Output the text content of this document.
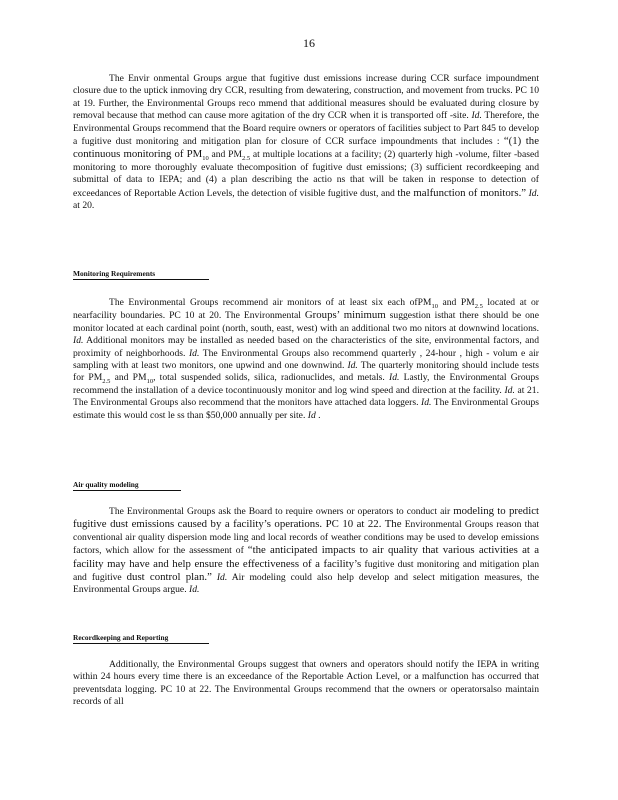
16

The Envir onmental Groups argue that fugitive dust emissions increase during CCR surface impoundment closure due to the uptick inmoving dry CCR, resulting from dewatering, construction, and movement from trucks. PC 10 at 19. Further, the Environmental Groups reco mmend that additional measures should be evaluated during closure by removal because that method can cause more agitation of the dry CCR when it is transported off -site. Id. Therefore, the Environmental Groups recommend that the Board require owners or operators of facilities subject to Part 845 to develop a fugitive dust monitoring and mitigation plan for closure of CCR surface impoundments that includes : “(1) the continuous monitoring of $PM_{10}$ and $PM_{2.5}$ at multiple locations at a facility; (2) quarterly high -volume, filter -based monitoring to more thoroughly evaluate thecomposition of fugitive dust emissions; (3) sufficient recordkeeping and submittal of data to IEPA; and (4) a plan describing the actio ns that will be taken in response to detection of exceedances of Reportable Action Levels, the detection of visible fugitive dust, and the malfunction of monitors.” Id. at 20.

Monitoring Requirements

The Environmental Groups recommend air monitors of at least six each ofPM$_{10}$ and $PM_{2.5}$ located at or nearfacility boundaries. PC 10 at 20. The Environmental Groups’ minimum suggestion isthat there should be one monitor located at each cardinal point (north, south, east, west) with an additional two mo nitors at downwind locations. Id. Additional monitors may be installed as needed based on the characteristics of the site, environmental factors, and proximity of neighborhoods. Id. The Environmental Groups also recommend quarterly , 24-hour , high - volum e air sampling with at least two monitors, one upwind and one downwind. Id. The quarterly monitoring should include tests for $PM_{2.5}$ and $PM_{10}$, total suspended solids, silica, radionuclides, and metals. Id. Lastly, the Environmental Groups recommend the installation of a device tocontinuously monitor and log wind speed and direction at the facility. Id. at 21. The Environmental Groups also recommend that the monitors have attached data loggers. Id. The Environmental Groups estimate this would cost le ss than $50,000 annually per site. Id .

Air quality modeling

The Environmental Groups ask the Board to require owners or operators to conduct air modeling to predict fugitive dust emissions caused by a facility’s operations. PC 10 at 22. The Environmental Groups reason that conventional air quality dispersion mode ling and local records of weather conditions may be used to develop emissions factors, which allow for the assessment of “the anticipated impacts to air quality that various activities at a facility may have and help ensure the effectiveness of a facility’s fugitive dust monitoring and mitigation plan and fugitive dust control plan.” Id. Air modeling could also help develop and select mitigation measures, the Environmental Groups argue. Id.

Recordkeeping and Reporting

Additionally, the Environmental Groups suggest that owners and operators should notify the IEPA in writing within 24 hours every time there is an exceedance of the Reportable Action Level, or a malfunction has occurred that preventsdata logging. PC 10 at 22. The Environmental Groups recommend that the owners or operatorsalso maintain records of all
